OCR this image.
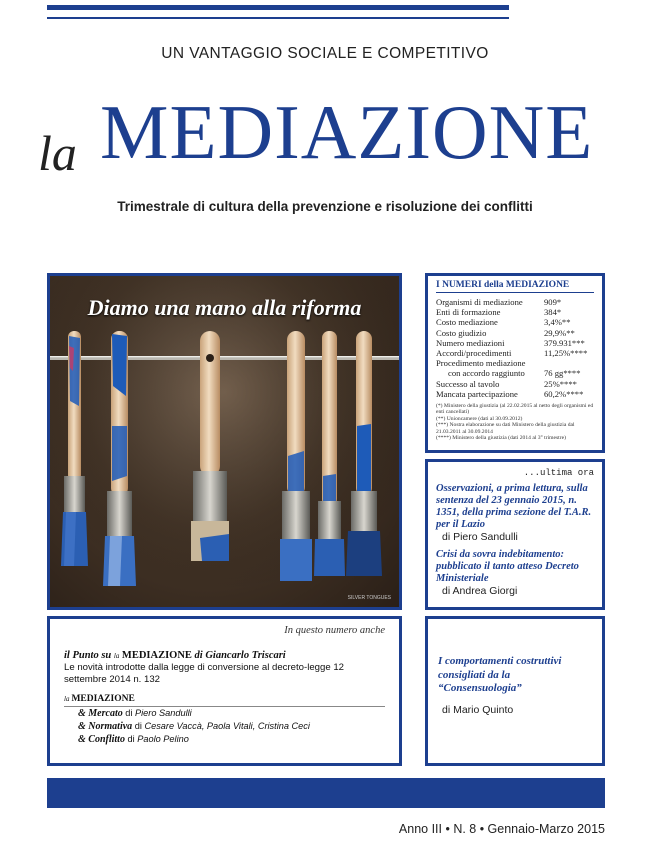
UN VANTAGGIO SOCIALE E COMPETITIVO
la MEDIAZIONE
Trimestrale di cultura della prevenzione e risoluzione dei conflitti
Diamo una mano alla riforma
SILVER TONGUES
I NUMERI della MEDIAZIONE
Organismi di mediazione	909*
Enti di formazione	384*
Costo mediazione	3,4%**
Costo giudizio	29,9%**
Numero mediazioni	379.931***
Accordi/procedimenti	11,25%****
Procedimento mediazione
con accordo raggiunto	76 gg****
Successo al tavolo	25%****
Mancata partecipazione	60,2%****
(*) Ministero della giustizia (al 22.02.2015 al netto degli organismi ed enti cancellati)
(**) Unioncamere (dati al 30.09.2012)
(***) Nostra elaborazione su dati Ministero della giustizia dal 21.03.2011 al 30.09.2014
(****) Ministero della giustizia (dati 2014 al 3° trimestre)
...ultima ora
Osservazioni, a prima lettura, sulla sentenza del 23 gennaio 2015, n. 1351, della prima sezione del T.A.R. per il Lazio
di Piero Sandulli
Crisi da sovra indebitamento: pubblicato il tanto atteso Decreto Ministeriale
di Andrea Giorgi
In questo numero anche
il Punto su la MEDIAZIONE di Giancarlo Triscari
Le novità introdotte dalla legge di conversione al decreto-legge 12 settembre 2014 n. 132
la MEDIAZIONE
& Mercato di Piero Sandulli
& Normativa di Cesare Vaccà, Paola Vitali, Cristina Ceci
& Conflitto di Paolo Pelino
I comportamenti costruttivi consigliati da la “Consensuologia”
di Mario Quinto
Anno III • N. 8 • Gennaio-Marzo 2015
